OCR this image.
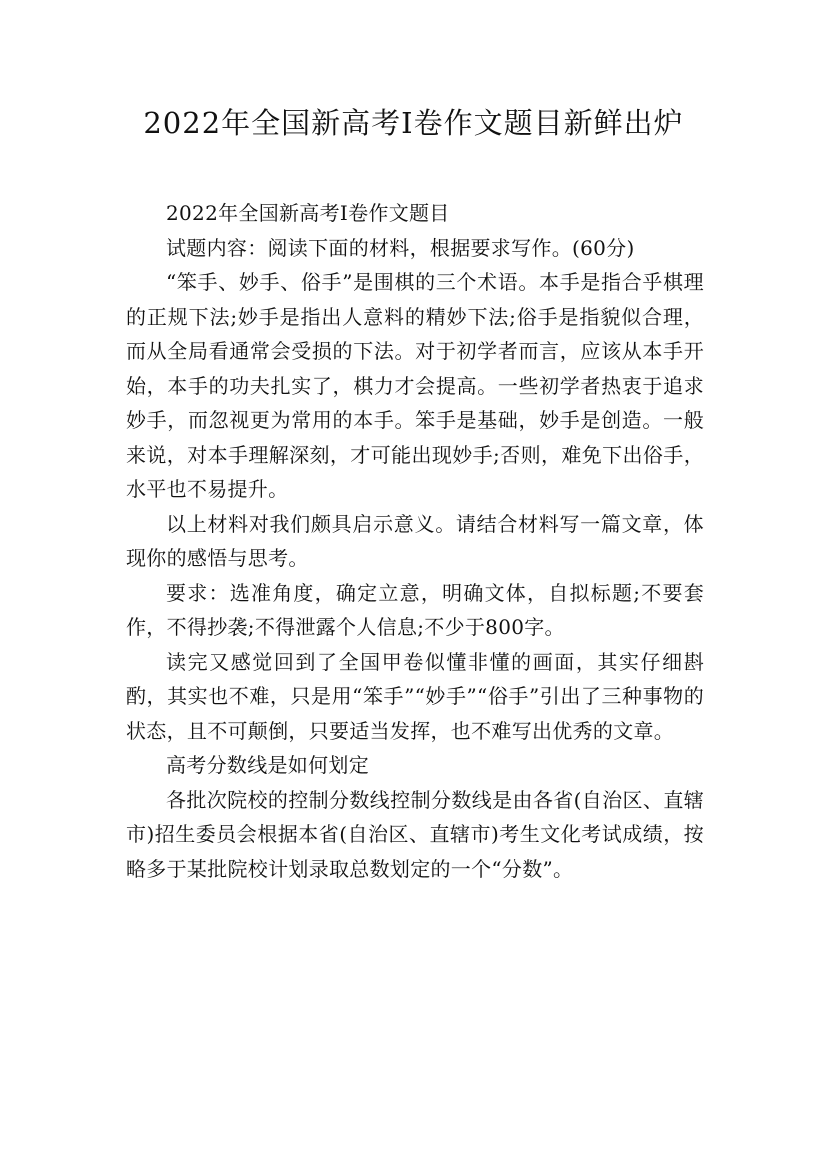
2022年全国新高考Ⅰ卷作文题目新鲜出炉

2022年全国新高考Ⅰ卷作文题目

试题内容：阅读下面的材料，根据要求写作。(60分)

“笨手、妙手、俗手”是围棋的三个术语。本手是指合乎棋理的正规下法;妙手是指出人意料的精妙下法;俗手是指貌似合理，而从全局看通常会受损的下法。对于初学者而言，应该从本手开始，本手的功夫扎实了，棋力才会提高。一些初学者热衷于追求妙手，而忽视更为常用的本手。笨手是基础，妙手是创造。一般来说，对本手理解深刻，才可能出现妙手;否则，难免下出俗手，水平也不易提升。

以上材料对我们颇具启示意义。请结合材料写一篇文章，体现你的感悟与思考。

要求：选准角度，确定立意，明确文体，自拟标题;不要套作，不得抄袭;不得泄露个人信息;不少于800字。

读完又感觉回到了全国甲卷似懂非懂的画面，其实仔细斟酌，其实也不难，只是用“笨手”“妙手”“俗手”引出了三种事物的状态，且不可颠倒，只要适当发挥，也不难写出优秀的文章。

高考分数线是如何划定

各批次院校的控制分数线控制分数线是由各省(自治区、直辖市)招生委员会根据本省(自治区、直辖市)考生文化考试成绩，按略多于某批院校计划录取总数划定的一个“分数”。
